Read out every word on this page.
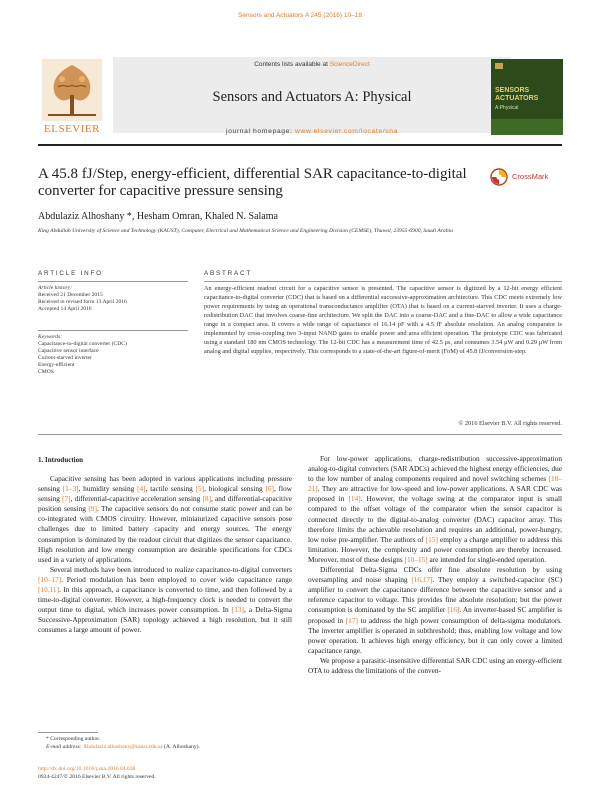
Sensors and Actuators A 245 (2016) 10–18
ELSEVIER
Contents lists available at ScienceDirect
Sensors and Actuators A: Physical
journal homepage: www.elsevier.com/locate/sna
SENSORS
ACTUATORS
A:Physical
A 45.8 fJ/Step, energy-efficient, differential SAR capacitance-to-digital converter for capacitive pressure sensing
CrossMark
Abdulaziz Alhoshany *, Hesham Omran, Khaled N. Salama
King Abdullah University of Science and Technology (KAUST), Computer, Electrical and Mathematical Science and Engineering Division (CEMSE), Thuwal, 23955-6900, Saudi Arabia
ARTICLE INFO
Article history:
Received 21 December 2015
Received in revised form 13 April 2016
Accepted 14 April 2016
Keywords:
Capacitance-to-digital converter (CDC)
Capacitive sensor interface
Current-starved inverter
Energy-efficient
CMOS
ABSTRACT
An energy-efficient readout circuit for a capacitive sensor is presented. The capacitive sensor is digitized by a 12-bit energy efficient capacitance-to-digital converter (CDC) that is based on a differential successive-approximation architecture. This CDC meets extremely low power requirements by using an operational transconductance amplifier (OTA) that is based on a current-starved inverter. It uses a charge-redistribution DAC that involves coarse-fine architecture. We split the DAC into a coarse-DAC and a fine-DAC to allow a wide capacitance range in a compact area. It covers a wide range of capacitance of 16.14 pF with a 4.5 fF absolute resolution. An analog comparator is implemented by cross-coupling two 3-input NAND gates to enable power and area efficient operation. The prototype CDC was fabricated using a standard 180 nm CMOS technology. The 12-bit CDC has a measurement time of 42.5 μs, and consumes 3.54 μW and 0.29 μW from analog and digital supplies, respectively. This corresponds to a state-of-the-art figure-of-merit (FoM) of 45.8 fJ/conversion-step.
© 2016 Elsevier B.V. All rights reserved.
1. Introduction

Capacitive sensing has been adopted in various applications including pressure sensing [1–3], humidity sensing [4], tactile sensing [5], biological sensing [6], flow sensing [7], differential-capacitive acceleration sensing [8], and differential-capacitive position sensing [9]. The capacitive sensors do not consume static power and can be co-integrated with CMOS circuitry. However, miniaturized capacitive sensors pose challenges due to limited battery capacity and energy sources. The energy consumption is dominated by the readout circuit that digitizes the sensor capacitance. High resolution and low energy consumption are desirable specifications for CDCs used in a variety of applications.

Several methods have been introduced to realize capacitance-to-digital converters [10–17]. Period modulation has been employed to cover wide capacitance range [10,11]. In this approach, a capacitance is converted to time, and then followed by a time-to-digital converter. However, a high-frequency clock is needed to convert the output time to digital, which increases power consumption. In [13], a Delta-Sigma Successive-Approximation (SAR) topology achieved a high resolution, but it still consumes a large amount of power.

For low-power applications, charge-redistribution successive-approximation analog-to-digital converters (SAR ADCs) achieved the highest energy efficiencies, due to the low number of analog components required and novel switching schemes [18–21]. They are attractive for low-speed and low-power applications. A SAR CDC was proposed in [14]. However, the voltage swing at the comparator input is small compared to the offset voltage of the comparator when the sensor capacitor is connected directly to the digital-to-analog converter (DAC) capacitor array. This therefore limits the achievable resolution and requires an additional, power-hungry, low noise pre-amplifier. The authors of [15] employ a charge amplifier to address this limitation. However, the complexity and power consumption are thereby increased. Moreover, most of these designs [10–15] are intended for single-ended operation.

Differential Delta-Sigma CDCs offer fine absolute resolution by using oversampling and noise shaping [16,17]. They employ a switched-capacitor (SC) amplifier to convert the capacitance difference between the capacitive sensor and a reference capacitor to voltage. This provides fine absolute resolution; but the power consumption is dominated by the SC amplifier [16]. An inverter-based SC amplifier is proposed in [17] to address the high power consumption of delta-sigma modulators. The inverter amplifier is operated in subthreshold; thus, enabling low voltage and low power operation. It achieves high energy efficiency, but it can only cover a limited capacitance range.

We propose a parasitic-insensitive differential SAR CDC using an energy-efficient OTA to address the limitations of the conven-

* Corresponding author.
E-mail address: Abdulaziz.alhoshany@kaust.edu.sa (A. Alhoshany).
http://dx.doi.org/10.1016/j.sna.2016.04.038
0924-4247/© 2016 Elsevier B.V. All rights reserved.
